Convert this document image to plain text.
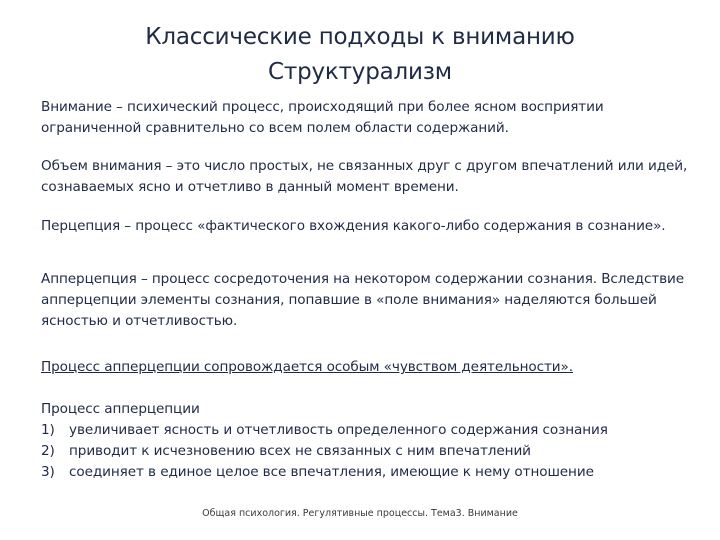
Классические подходы к вниманию
Структурализм

Внимание – психический процесс, происходящий при более ясном восприятии ограниченной сравнительно со всем полем области содержаний.

Объем внимания – это число простых, не связанных друг с другом впечатлений или идей, сознаваемых ясно и отчетливо в данный момент времени.

Перцепция – процесс «фактического вхождения какого-либо содержания в сознание».

Апперцепция – процесс сосредоточения на некотором содержании сознания. Вследствие апперцепции элементы сознания, попавшие в «поле внимания» наделяются большей ясностью и отчетливостью.

Процесс апперцепции сопровождается особым «чувством деятельности».

Процесс апперцепции
1) увеличивает ясность и отчетливость определенного содержания сознания
2) приводит к исчезновению всех не связанных с ним впечатлений
3) соединяет в единое целое все впечатления, имеющие к нему отношение
Общая психология. Регулятивные процессы. Тема3. Внимание
